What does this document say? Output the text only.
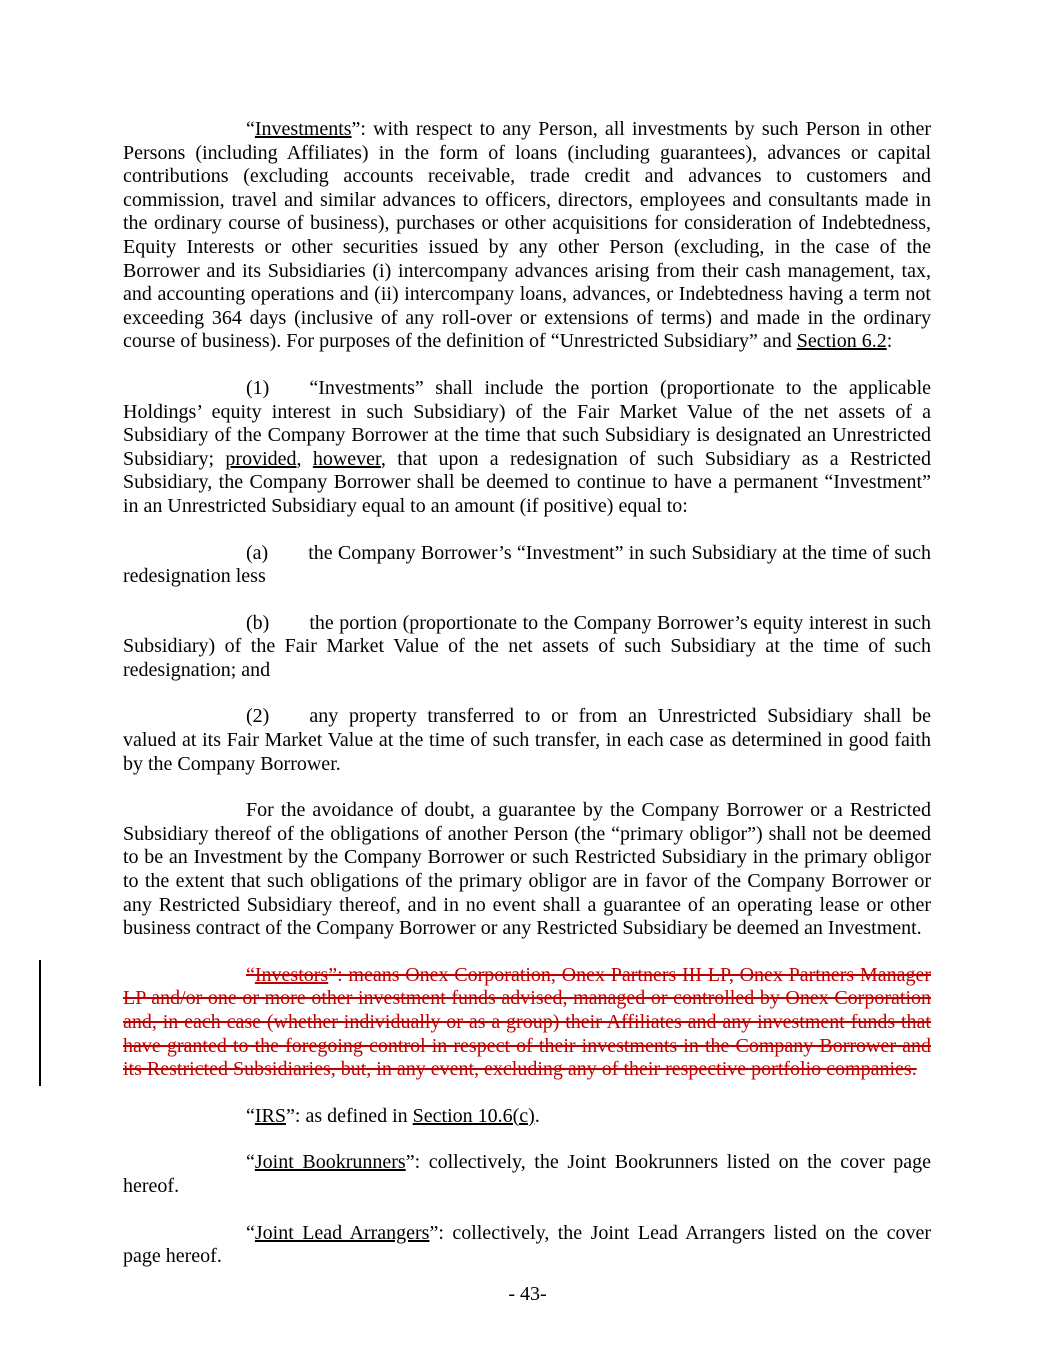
“Investments”: with respect to any Person, all investments by such Person in other Persons (including Affiliates) in the form of loans (including guarantees), advances or capital contributions (excluding accounts receivable, trade credit and advances to customers and commission, travel and similar advances to officers, directors, employees and consultants made in the ordinary course of business), purchases or other acquisitions for consideration of Indebtedness, Equity Interests or other securities issued by any other Person (excluding, in the case of the Borrower and its Subsidiaries (i) intercompany advances arising from their cash management, tax, and accounting operations and (ii) intercompany loans, advances, or Indebtedness having a term not exceeding 364 days (inclusive of any roll-over or extensions of terms) and made in the ordinary course of business). For purposes of the definition of “Unrestricted Subsidiary” and Section 6.2:

(1) “Investments” shall include the portion (proportionate to the applicable Holdings’ equity interest in such Subsidiary) of the Fair Market Value of the net assets of a Subsidiary of the Company Borrower at the time that such Subsidiary is designated an Unrestricted Subsidiary; provided, however, that upon a redesignation of such Subsidiary as a Restricted Subsidiary, the Company Borrower shall be deemed to continue to have a permanent “Investment” in an Unrestricted Subsidiary equal to an amount (if positive) equal to:

(a) the Company Borrower’s “Investment” in such Subsidiary at the time of such redesignation less

(b) the portion (proportionate to the Company Borrower’s equity interest in such Subsidiary) of the Fair Market Value of the net assets of such Subsidiary at the time of such redesignation; and

(2) any property transferred to or from an Unrestricted Subsidiary shall be valued at its Fair Market Value at the time of such transfer, in each case as determined in good faith by the Company Borrower.

For the avoidance of doubt, a guarantee by the Company Borrower or a Restricted Subsidiary thereof of the obligations of another Person (the “primary obligor”) shall not be deemed to be an Investment by the Company Borrower or such Restricted Subsidiary in the primary obligor to the extent that such obligations of the primary obligor are in favor of the Company Borrower or any Restricted Subsidiary thereof, and in no event shall a guarantee of an operating lease or other business contract of the Company Borrower or any Restricted Subsidiary be deemed an Investment.

“Investors”: means Onex Corporation, Onex Partners III LP, Onex Partners Manager LP and/or one or more other investment funds advised, managed or controlled by Onex Corporation and, in each case (whether individually or as a group) their Affiliates and any investment funds that have granted to the foregoing control in respect of their investments in the Company Borrower and its Restricted Subsidiaries, but, in any event, excluding any of their respective portfolio companies.

“IRS”: as defined in Section 10.6(c).

“Joint Bookrunners”: collectively, the Joint Bookrunners listed on the cover page hereof.

“Joint Lead Arrangers”: collectively, the Joint Lead Arrangers listed on the cover page hereof.

- 43-
